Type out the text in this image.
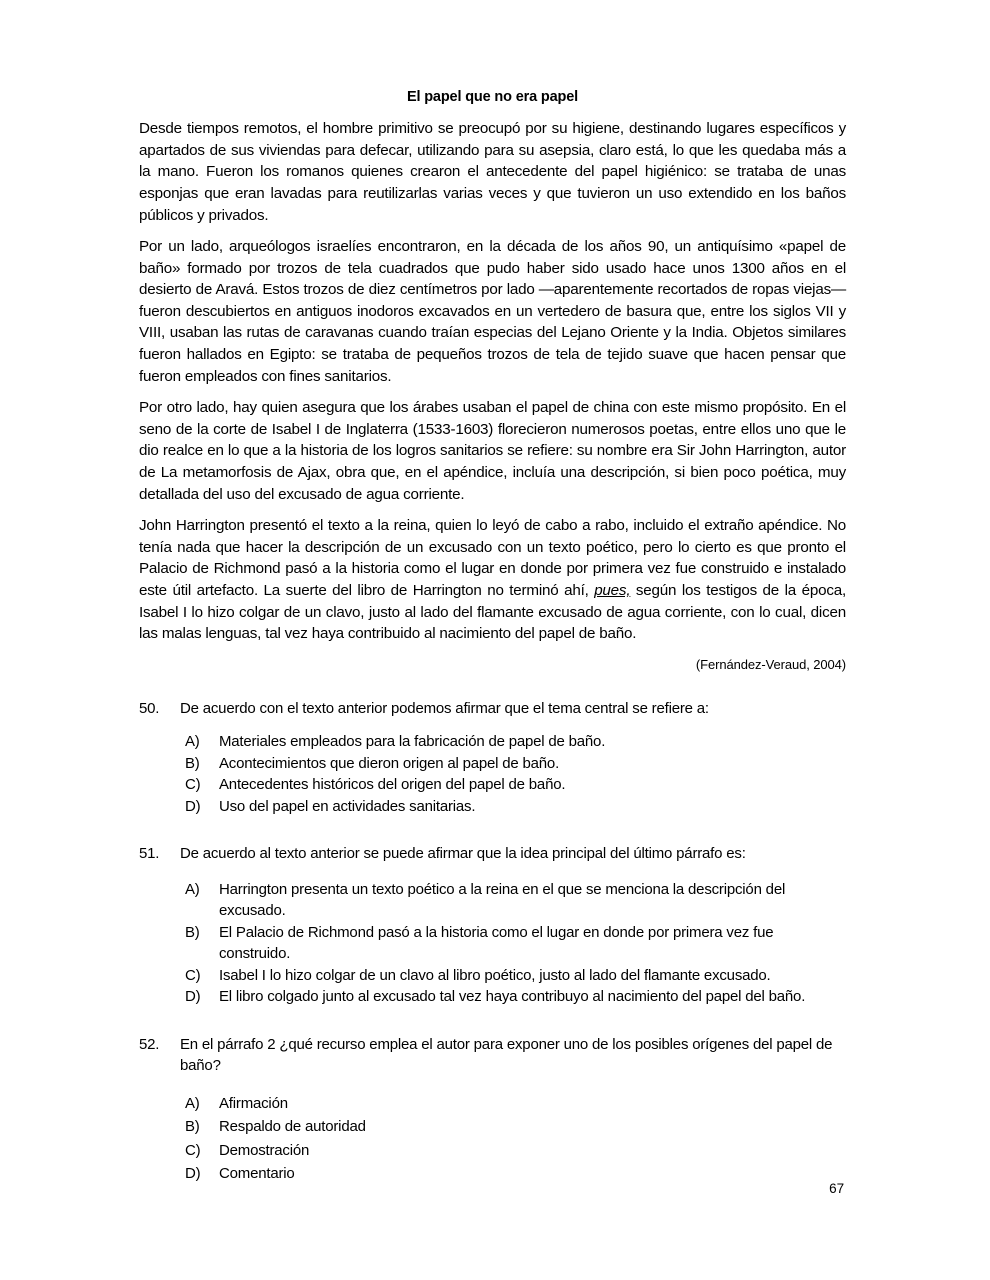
El papel que no era papel

Desde tiempos remotos, el hombre primitivo se preocupó por su higiene, destinando lugares específicos y apartados de sus viviendas para defecar, utilizando para su asepsia, claro está, lo que les quedaba más a la mano. Fueron los romanos quienes crearon el antecedente del papel higiénico: se trataba de unas esponjas que eran lavadas para reutilizarlas varias veces y que tuvieron un uso extendido en los baños públicos y privados.

Por un lado, arqueólogos israelíes encontraron, en la década de los años 90, un antiquísimo «papel de baño» formado por trozos de tela cuadrados que pudo haber sido usado hace unos 1300 años en el desierto de Aravá. Estos trozos de diez centímetros por lado —aparentemente recortados de ropas viejas— fueron descubiertos en antiguos inodoros excavados en un vertedero de basura que, entre los siglos VII y VIII, usaban las rutas de caravanas cuando traían especias del Lejano Oriente y la India. Objetos similares fueron hallados en Egipto: se trataba de pequeños trozos de tela de tejido suave que hacen pensar que fueron empleados con fines sanitarios.

Por otro lado, hay quien asegura que los árabes usaban el papel de china con este mismo propósito. En el seno de la corte de Isabel I de Inglaterra (1533-1603) florecieron numerosos poetas, entre ellos uno que le dio realce en lo que a la historia de los logros sanitarios se refiere: su nombre era Sir John Harrington, autor de La metamorfosis de Ajax, obra que, en el apéndice, incluía una descripción, si bien poco poética, muy detallada del uso del excusado de agua corriente.

John Harrington presentó el texto a la reina, quien lo leyó de cabo a rabo, incluido el extraño apéndice. No tenía nada que hacer la descripción de un excusado con un texto poético, pero lo cierto es que pronto el Palacio de Richmond pasó a la historia como el lugar en donde por primera vez fue construido e instalado este útil artefacto. La suerte del libro de Harrington no terminó ahí, pues, según los testigos de la época, Isabel I lo hizo colgar de un clavo, justo al lado del flamante excusado de agua corriente, con lo cual, dicen las malas lenguas, tal vez haya contribuido al nacimiento del papel de baño.

(Fernández-Veraud, 2004)

50.	De acuerdo con el texto anterior podemos afirmar que el tema central se refiere a:
A)	Materiales empleados para la fabricación de papel de baño.
B)	Acontecimientos que dieron origen al papel de baño.
C)	Antecedentes históricos del origen del papel de baño.
D)	Uso del papel en actividades sanitarias.
51.	De acuerdo al texto anterior se puede afirmar que la idea principal del último párrafo es:
A)	Harrington presenta un texto poético a la reina en el que se menciona la descripción del excusado.
B)	El Palacio de Richmond pasó a la historia como el lugar en donde por primera vez fue construido.
C)	Isabel I lo hizo colgar de un clavo al libro poético, justo al lado del flamante excusado.
D)	El libro colgado junto al excusado tal vez haya contribuyo al nacimiento del papel del baño.
52.	En el párrafo 2 ¿qué recurso emplea el autor para exponer uno de los posibles orígenes del papel de baño?
A)	Afirmación
B)	Respaldo de autoridad
C)	Demostración
D)	Comentario
67
